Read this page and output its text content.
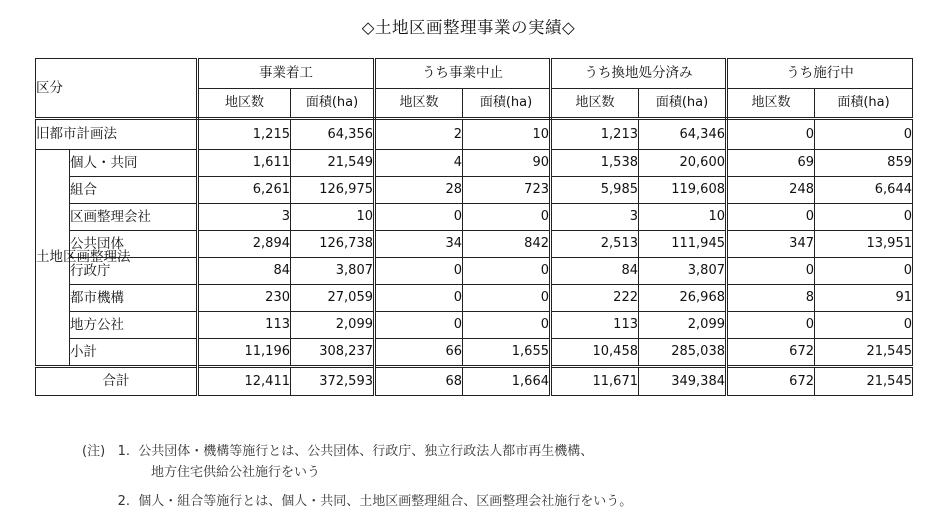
◇土地区画整理事業の実績◇
区分		事業着工		うち事業中止		うち換地処分済み		うち施行中	
		地区数	面積(ha)	地区数	面積(ha)	地区数	面積(ha)	地区数	面積(ha)
旧都市計画法		1,215	64,356	2	10	1,213	64,346	0	0
土地区画整理法	個人・共同	1,611	21,549	4	90	1,538	20,600	69	859
	組合	6,261	126,975	28	723	5,985	119,608	248	6,644
	区画整理会社	3	10	0	0	3	10	0	0
	公共団体	2,894	126,738	34	842	2,513	111,945	347	13,951
	行政庁	84	3,807	0	0	84	3,807	0	0
	都市機構	230	27,059	0	0	222	26,968	8	91
	地方公社	113	2,099	0	0	113	2,099	0	0
	小計	11,196	308,237	66	1,655	10,458	285,038	672	21,545
合計		12,411	372,593	68	1,664	11,671	349,384	672	21,545
(注) 1. 公共団体・機構等施行とは、公共団体、行政庁、独立行政法人都市再生機構、
地方住宅供給公社施行をいう
2. 個人・組合等施行とは、個人・共同、土地区画整理組合、区画整理会社施行をいう。
